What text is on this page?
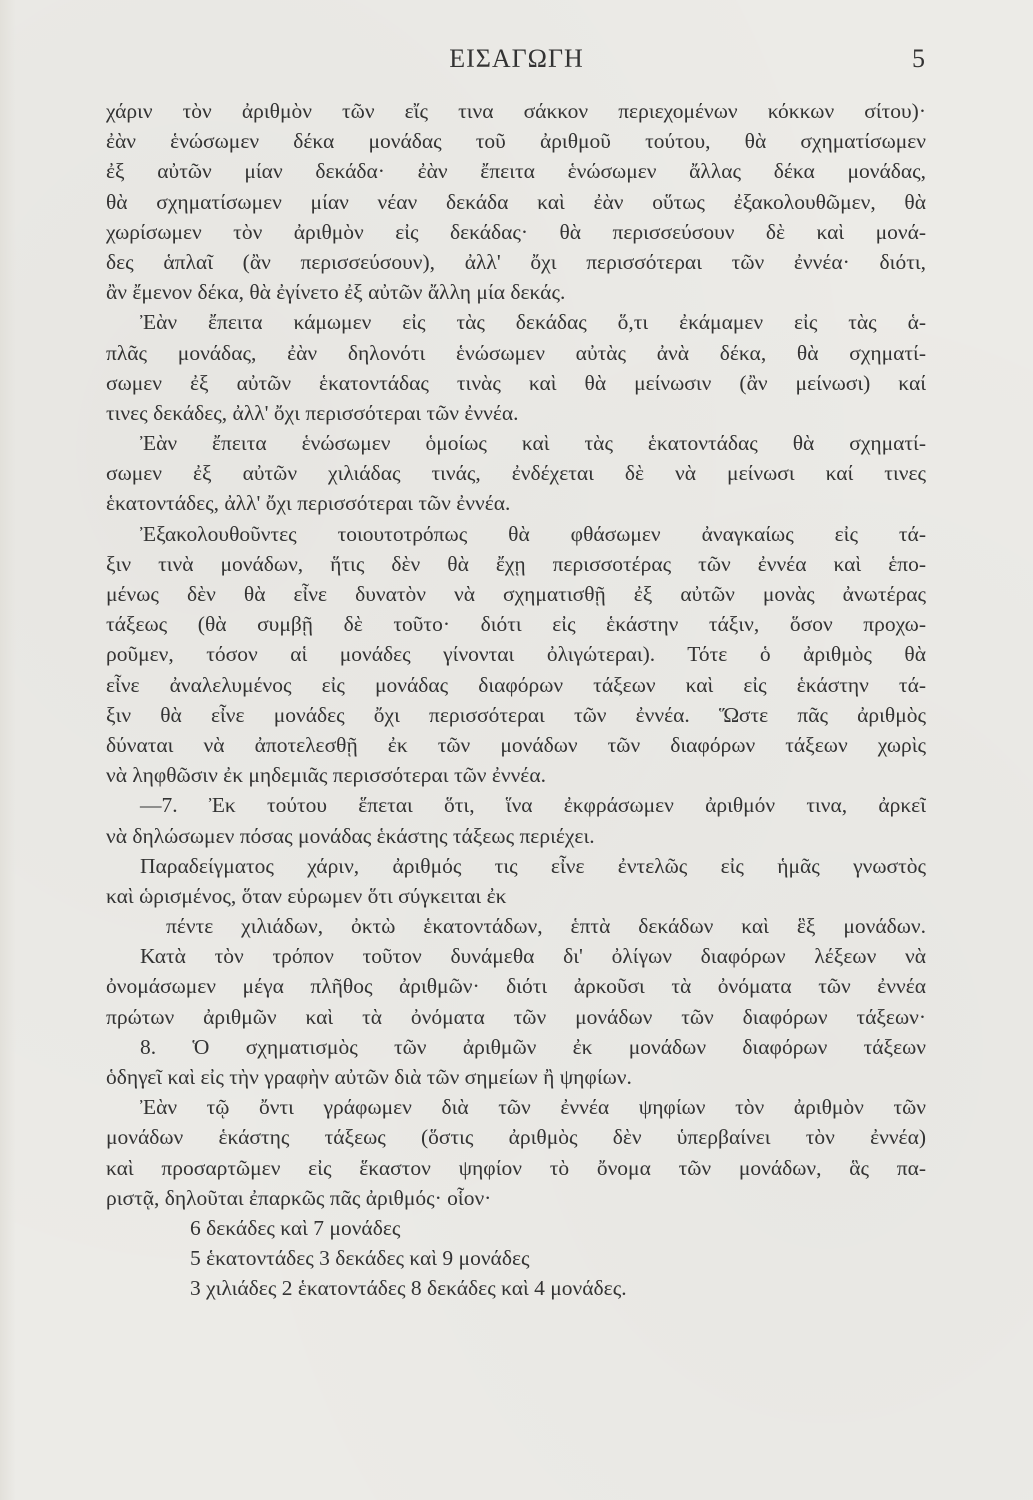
ΕΙΣΑΓΩΓΗ	5
χάριν τὸν ἀριθμὸν τῶν εἴς τινα σάκκον περιεχομένων κόκκων σίτου)·
ἐὰν ἑνώσωμεν δέκα μονάδας τοῦ ἀριθμοῦ τούτου, θὰ σχηματίσωμεν
ἐξ αὐτῶν μίαν δεκάδα· ἐὰν ἔπειτα ἑνώσωμεν ἄλλας δέκα μονάδας,
θὰ σχηματίσωμεν μίαν νέαν δεκάδα καὶ ἐὰν οὕτως ἐξακολουθῶμεν, θὰ
χωρίσωμεν τὸν ἀριθμὸν εἰς δεκάδας· θὰ περισσεύσουν δὲ καὶ μονά-
δες ἁπλαῖ (ἂν περισσεύσουν), ἀλλ' ὄχι περισσότεραι τῶν ἐννέα· διότι,
ἂν ἔμενον δέκα, θὰ ἐγίνετο ἐξ αὐτῶν ἄλλη μία δεκάς.
Ἐὰν ἔπειτα κάμωμεν εἰς τὰς δεκάδας ὅ,τι ἐκάμαμεν εἰς τὰς ἁ-
πλᾶς μονάδας, ἐὰν δηλονότι ἑνώσωμεν αὐτὰς ἀνὰ δέκα, θὰ σχηματί-
σωμεν ἐξ αὐτῶν ἑκατοντάδας τινὰς καὶ θὰ μείνωσιν (ἂν μείνωσι) καί
τινες δεκάδες, ἀλλ' ὄχι περισσότεραι τῶν ἐννέα.
Ἐὰν ἔπειτα ἑνώσωμεν ὁμοίως καὶ τὰς ἑκατοντάδας θὰ σχηματί-
σωμεν ἐξ αὐτῶν χιλιάδας τινάς, ἐνδέχεται δὲ νὰ μείνωσι καί τινες
ἑκατοντάδες, ἀλλ' ὄχι περισσότεραι τῶν ἐννέα.
Ἐξακολουθοῦντες τοιουτοτρόπως θὰ φθάσωμεν ἀναγκαίως εἰς τά-
ξιν τινὰ μονάδων, ἥτις δὲν θὰ ἔχῃ περισσοτέρας τῶν ἐννέα καὶ ἑπο-
μένως δὲν θὰ εἶνε δυνατὸν νὰ σχηματισθῇ ἐξ αὐτῶν μονὰς ἀνωτέρας
τάξεως (θὰ συμβῇ δὲ τοῦτο· διότι εἰς ἑκάστην τάξιν, ὅσον προχω-
ροῦμεν, τόσον αἱ μονάδες γίνονται ὀλιγώτεραι). Τότε ὁ ἀριθμὸς θὰ
εἶνε ἀναλελυμένος εἰς μονάδας διαφόρων τάξεων καὶ εἰς ἑκάστην τά-
ξιν θὰ εἶνε μονάδες ὄχι περισσότεραι τῶν ἐννέα. Ὥστε πᾶς ἀριθμὸς
δύναται νὰ ἀποτελεσθῇ ἐκ τῶν μονάδων τῶν διαφόρων τάξεων χωρὶς
νὰ ληφθῶσιν ἐκ μηδεμιᾶς περισσότεραι τῶν ἐννέα.
—7. Ἐκ τούτου ἕπεται ὅτι, ἵνα ἐκφράσωμεν ἀριθμόν τινα, ἀρκεῖ
νὰ δηλώσωμεν πόσας μονάδας ἑκάστης τάξεως περιέχει.
Παραδείγματος χάριν, ἀριθμός τις εἶνε ἐντελῶς εἰς ἡμᾶς γνωστὸς
καὶ ὡρισμένος, ὅταν εὑρωμεν ὅτι σύγκειται ἐκ
πέντε χιλιάδων, ὀκτὼ ἑκατοντάδων, ἑπτὰ δεκάδων καὶ ἓξ μονάδων.
Κατὰ τὸν τρόπον τοῦτον δυνάμεθα δι' ὀλίγων διαφόρων λέξεων νὰ
ὀνομάσωμεν μέγα πλῆθος ἀριθμῶν· διότι ἀρκοῦσι τὰ ὀνόματα τῶν ἐννέα
πρώτων ἀριθμῶν καὶ τὰ ὀνόματα τῶν μονάδων τῶν διαφόρων τάξεων·
8. Ὁ σχηματισμὸς τῶν ἀριθμῶν ἐκ μονάδων διαφόρων τάξεων
ὁδηγεῖ καὶ εἰς τὴν γραφὴν αὐτῶν διὰ τῶν σημείων ἢ ψηφίων.
Ἐὰν τῷ ὄντι γράφωμεν διὰ τῶν ἐννέα ψηφίων τὸν ἀριθμὸν τῶν
μονάδων ἑκάστης τάξεως (ὅστις ἀριθμὸς δὲν ὑπερβαίνει τὸν ἐννέα)
καὶ προσαρτῶμεν εἰς ἕκαστον ψηφίον τὸ ὄνομα τῶν μονάδων, ἃς πα-
ριστᾷ, δηλοῦται ἐπαρκῶς πᾶς ἀριθμός· οἷον·
6 δεκάδες καὶ 7 μονάδες
5 ἑκατοντάδες 3 δεκάδες καὶ 9 μονάδες
3 χιλιάδες 2 ἑκατοντάδες 8 δεκάδες καὶ 4 μονάδες.
